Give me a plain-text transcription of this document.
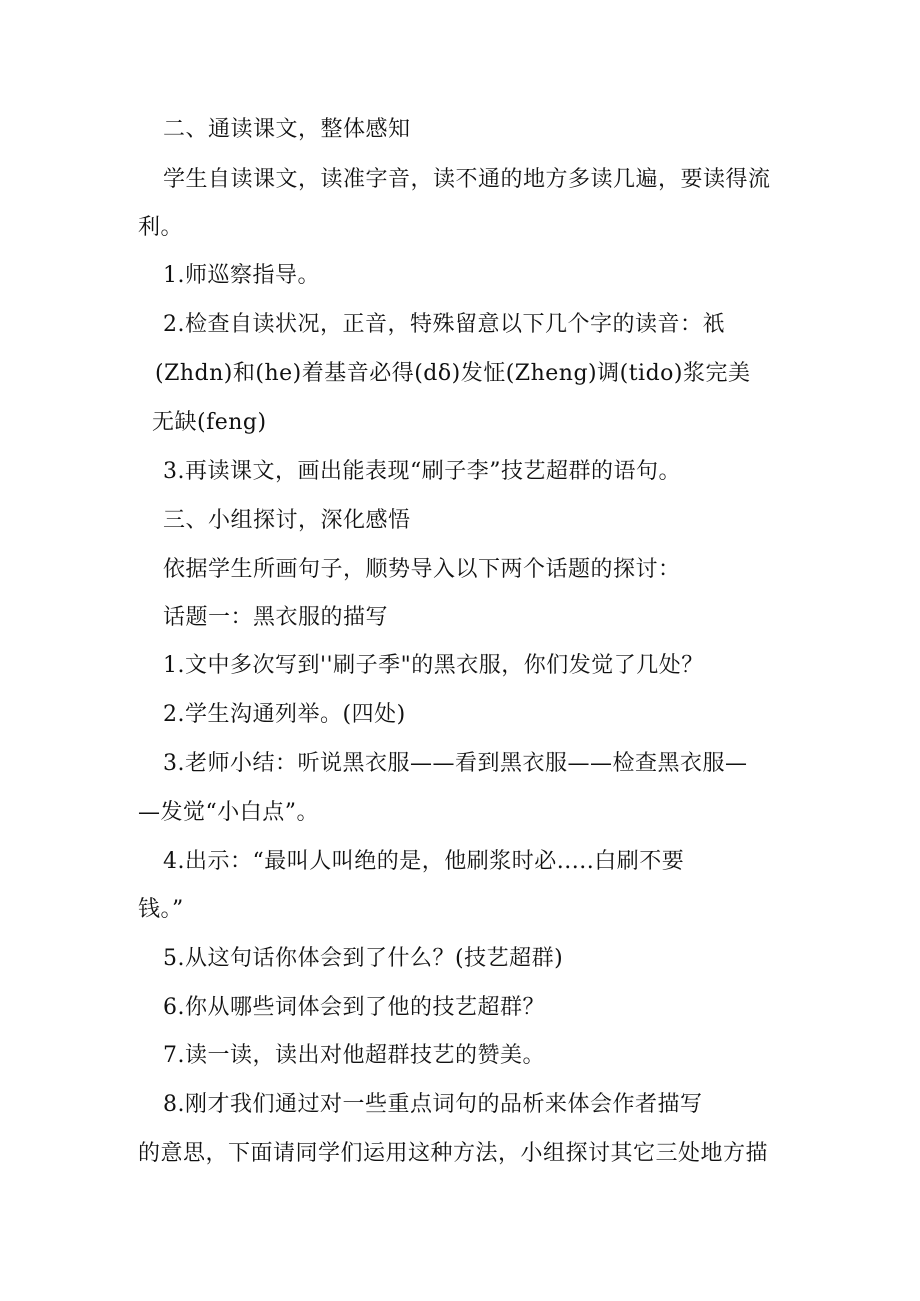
二、通读课文，整体感知
学生自读课文，读准字音，读不通的地方多读几遍，要读得流
利。
1.师巡察指导。
2.检查自读状况，正音，特殊留意以下几个字的读音：祇
(Zhdn)和(he)着基音必得(dδ)发怔(Zheng)调(tido)浆完美
无缺(feng)
3.再读课文，画出能表现“刷子李”技艺超群的语句。
三、小组探讨，深化感悟
依据学生所画句子，顺势导入以下两个话题的探讨：
话题一：黑衣服的描写
1.文中多次写到''刷子季"的黑衣服，你们发觉了几处？
2.学生沟通列举。(四处)
3.老师小结：听说黑衣服——看到黑衣服——检查黑衣服—
—发觉“小白点”。
4.出示：“最叫人叫绝的是，他刷浆时必.....白刷不要
钱。”
5.从这句话你体会到了什么？(技艺超群)
6.你从哪些词体会到了他的技艺超群？
7.读一读，读出对他超群技艺的赞美。
8.刚才我们通过对一些重点词句的品析来体会作者描写
的意思，下面请同学们运用这种方法，小组探讨其它三处地方描
